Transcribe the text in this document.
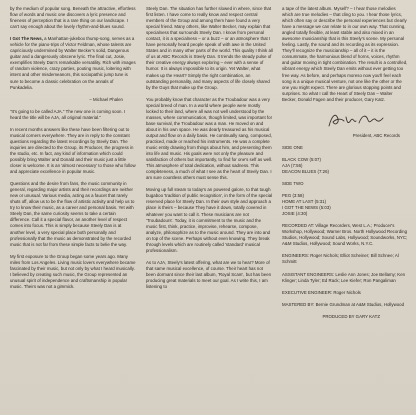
by the medium of popular song. Beneath the attractive, effortless flow of words and music one discovers a lyric presence and fineness of perception that is a rare thing on our landscape. I can't say enough about the lovely rhythm-and-blues sound.

I Got The News, a Manhattan-jukebox thump-song, serves as a vehicle for the piano-trips of Victor Feldman, whose talents are capriciously undermined by Walter Becker's solid, Dangerous guitar and a dangerously obscene lyric. The final cut, Josie, exemplifies Steely Dan's remarkable versatility. Rich with images of random violence, crazy parties, pouting music, loitering with intent and other misdemeanors, this sociopathic jump tune is sure to become a classic celebration on the annals of Punkadelia.

– Michael Phalen

"It's going to be called AJA." The new one is coming soon. I heard the title will be AJA, all original material."

In recent months answers like these have been filtering out to musical corners everywhere. They are in reply to the constant questions regarding the latest recordings by Steely Dan. The inquiries are directed to the Group, its Producer, the progress in the studio, etc. In fact, any kind of information which could possibly bring Walter and Donald and their music just a little closer is welcome. It is an 'almost necessary' to those who follow and appreciate excellence in popular music.

Questions and the desire from fans, the music community in general, regarding major artists and their recordings are neither new or unusual. Various media, acting as a faucet that rarely shuts off, allow us to be the flow of artistic activity and help us to try to know their music, as a career and personal basis. Yet with Steely Dan, the same curiosity seems to take a certain difference. Call it a special flavor, an another level of respect comes into focus. This is simply because Steely Dan is at another level, a very special place both personally and professionally that the music as demonstrated by the recorded music that is not far from these simple facts to belie the way.

My first exposure to the Group began some years ago. Many miles from Los Angeles. Living music lovers everywhere became fascinated by their music, but not only by what I heard musically. I believed by creating such music, the Group represented an unusual spirit of independence and craftsmanship in popular music. Theirs was not a gimmick.

Steely Dan. The situation has further slowed in where, since that first listen. I have come to really know and respect central members of the Group and among them have found a very special friend. Many others, like Walter Becker, may explain that specialness that surrounds Steely Dan. I know from personal contact, it is a specialness – or a buzz – or an atmosphere that I have personally heard people speak of with awe in the United States and in many other parts of the world. This quality I think all of us at ABC Records is Steely Dan. It trends the steady pulse of their creative energy always exploring – ever with a sense of humor. It is always impossible to its origin. Yet Walter, what makes up the Heart? Simply the right combination, an outstanding personality, and many aspects of life closely shared by the Guys that make up the Group.

You probably know that character as the Troubadour was a very special breed of man. In a world where people were mostly locked to their land, where all was not well understood by the masses, where communication, though limited, was important for base survival, the Troubadour was a man. He moved on and about in his own space. He was dearly treasured as his musical output and flow on a daily basis. He continually sang, composed, practiced, made or reached his instruments. He was a complete music entity drawing from things about him, and presenting them into life and music. His goals were not only the pleasure and satisfaction of others but importantly, to find for one's self as well. This atmosphere of total dedication, without sadness. This completeness, a much of what I see as the heart of Steely Dan. I am sure countless others must sense this.

Moving up full steam to today's an powered galore, to that tough bugaboo 'tradition of public recognition', in the form of the special reserved place for Steely Dan. In their own style and approach a place is theirs – because They have it down, totally covered in whatever you want to call it. These musicians are not 'Troubadours'. Today, it is commitment to the music and the music first, think, practice, improvise, rehearse, compose, analyze, philosophize as to the music around. They are into and on top of the scene. Perhaps without even knowing. They break through levels which are routinely called 'standard' musical professionalism.

As to AJA, Steely's latest offering, what are we to hear? More of that same musical excellence, of course. Their heart has not been dormant since their last album, 'Royal Scam', but has been producing great materials to meet our goal. As I write this, I am listening to

a tape of the latest album. Myself? – I hear those melodies which are true melodies – that cling to you. I hear those lyrics, which often say or describe the personal experiences but clearly have a message we can relate to in our own way. That cunning, angled totally flexible, at least stable and also mixed in an awesome musicianship that is this Steely's scene. My personal feeling. Lastly, the sound and its recording as its expression. They'll recognize the musicianship – all of it – it is the consummate, the harmonious blend of horns, voices, rhythm and guitar moving in tight combination. The result is a controlled, vibrant energy which Steely Dan emits without ever getting too free way. As before, and perhaps moreso now you'll feel each song is a unique musical venture, not one like the other or the one you might expect. There are glorious stopping points and surprises. So what I call the Heart of Steely Dan – Walter Becker, Donald Fagen and their producer, Gary Katz.

President, ABC Records

SIDE ONE

BLACK COW (5:07)
AJA (7:56)
DEACON BLUES (7:26)

SIDE TWO

PEG (3:58)
HOME AT LAST (5:31)
I GOT THE NEWS (5:03)
JOSIE (4:30)

RECORDED AT: Village Recorders, West L.A.; Producer's Workshop, Hollywood; Warner Bros. North Hollywood Recording Studios, Hollywood; Sound Labs, Hollywood; Soundworks, NYC; A&M Studios, Hollywood; Sound Works, N.Y.C.

ENGINEERS: Roger Nichols; Elliot Scheiner; Bill Schnee; Al Schmitt

ASSISTANT ENGINEERS: Leslie Ann Jones; Joe Bellamy; Ken Klinger; Linda Tyler; Ed Rack; Lee Kiefer; Ron Pangaliman

EXECUTIVE ENGINEER: Roger Nichols

MASTERED BY: Bernie Grundman at A&M Studios, Hollywood

PRODUCED BY GARY KATZ
